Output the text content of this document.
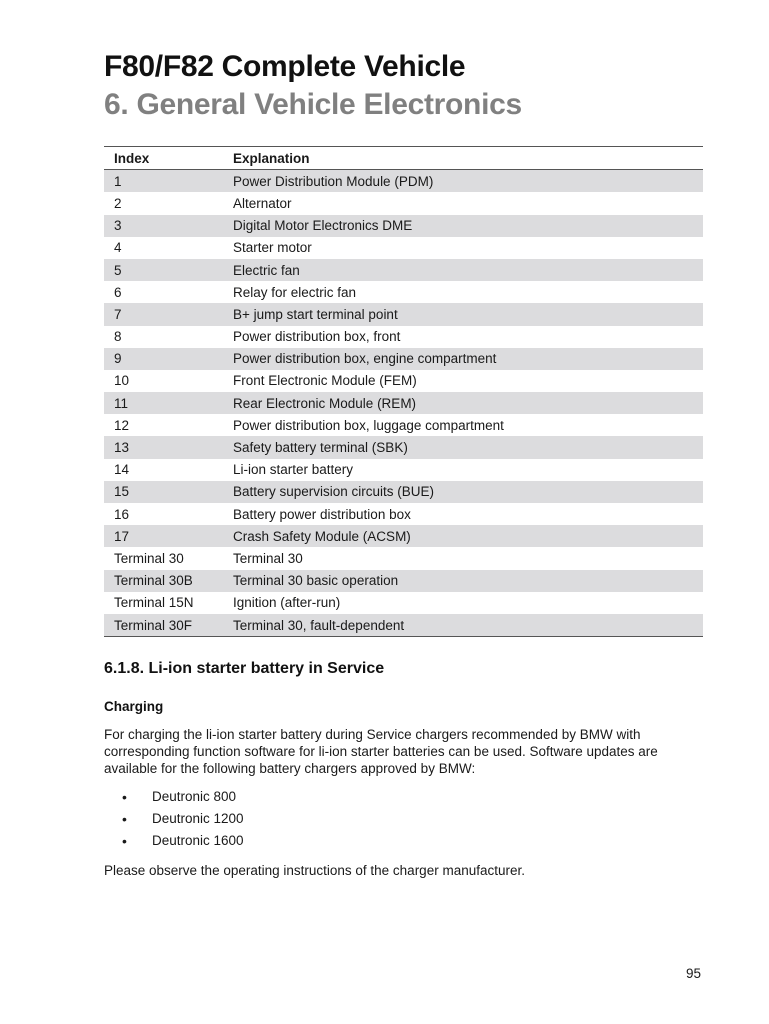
F80/F82 Complete Vehicle
6. General Vehicle Electronics
Index	Explanation
1	Power Distribution Module (PDM)
2	Alternator
3	Digital Motor Electronics DME
4	Starter motor
5	Electric fan
6	Relay for electric fan
7	B+ jump start terminal point
8	Power distribution box, front
9	Power distribution box, engine compartment
10	Front Electronic Module (FEM)
11	Rear Electronic Module (REM)
12	Power distribution box, luggage compartment
13	Safety battery terminal (SBK)
14	Li-ion starter battery
15	Battery supervision circuits (BUE)
16	Battery power distribution box
17	Crash Safety Module (ACSM)
Terminal 30	Terminal 30
Terminal 30B	Terminal 30 basic operation
Terminal 15N	Ignition (after-run)
Terminal 30F	Terminal 30, fault-dependent
6.1.8. Li-ion starter battery in Service
Charging

For charging the li-ion starter battery during Service chargers recommended by BMW with corresponding function software for li-ion starter batteries can be used. Software updates are available for the following battery chargers approved by BMW:

• Deutronic 800
• Deutronic 1200
• Deutronic 1600

Please observe the operating instructions of the charger manufacturer.

95
